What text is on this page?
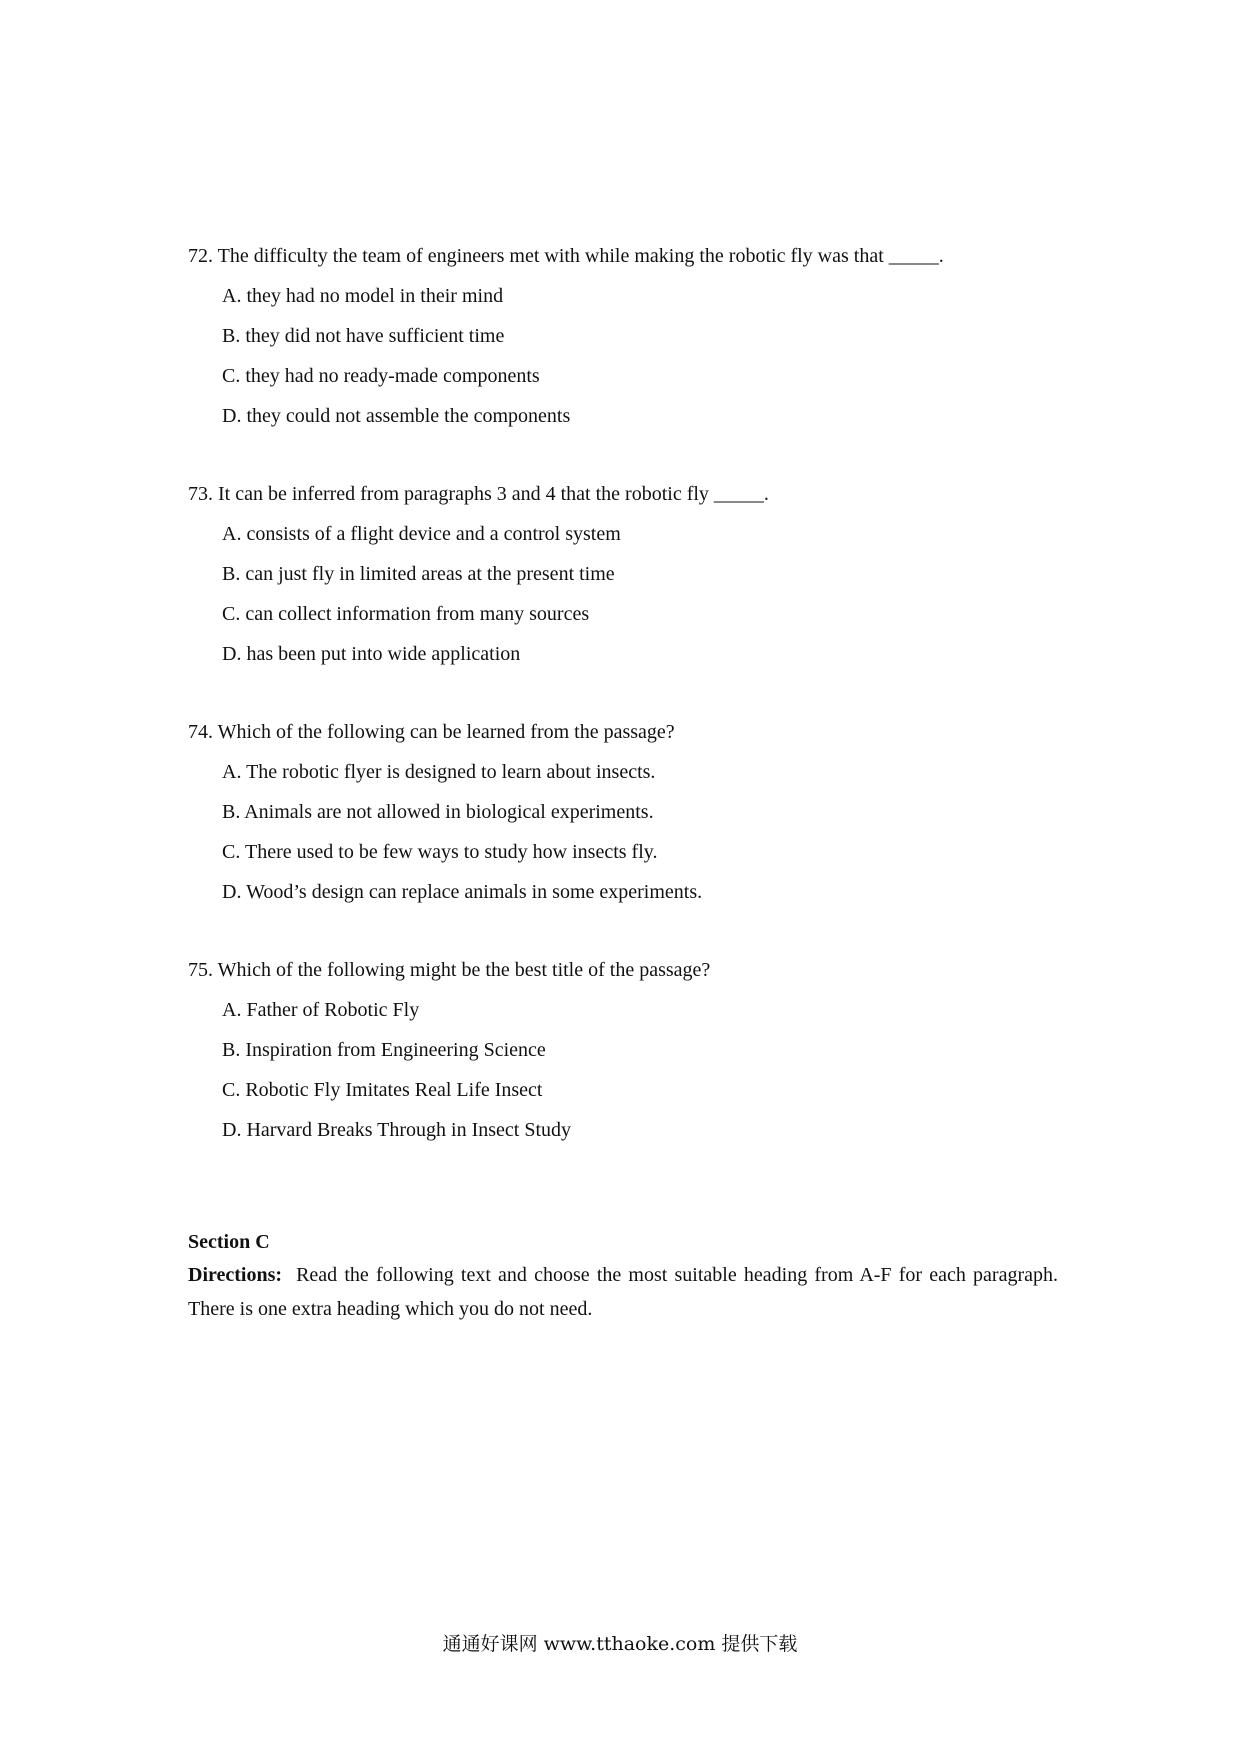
72. The difficulty the team of engineers met with while making the robotic fly was that _____.
A. they had no model in their mind
B. they did not have sufficient time
C. they had no ready-made components
D. they could not assemble the components
73. It can be inferred from paragraphs 3 and 4 that the robotic fly _____.
A. consists of a flight device and a control system
B. can just fly in limited areas at the present time
C. can collect information from many sources
D. has been put into wide application
74. Which of the following can be learned from the passage?
A. The robotic flyer is designed to learn about insects.
B. Animals are not allowed in biological experiments.
C. There used to be few ways to study how insects fly.
D. Wood’s design can replace animals in some experiments.
75. Which of the following might be the best title of the passage?
A. Father of Robotic Fly
B. Inspiration from Engineering Science
C. Robotic Fly Imitates Real Life Insect
D. Harvard Breaks Through in Insect Study
Section C
Directions: Read the following text and choose the most suitable heading from A-F for each paragraph. There is one extra heading which you do not need.
通通好课网 www.tthaoke.com 提供下载
